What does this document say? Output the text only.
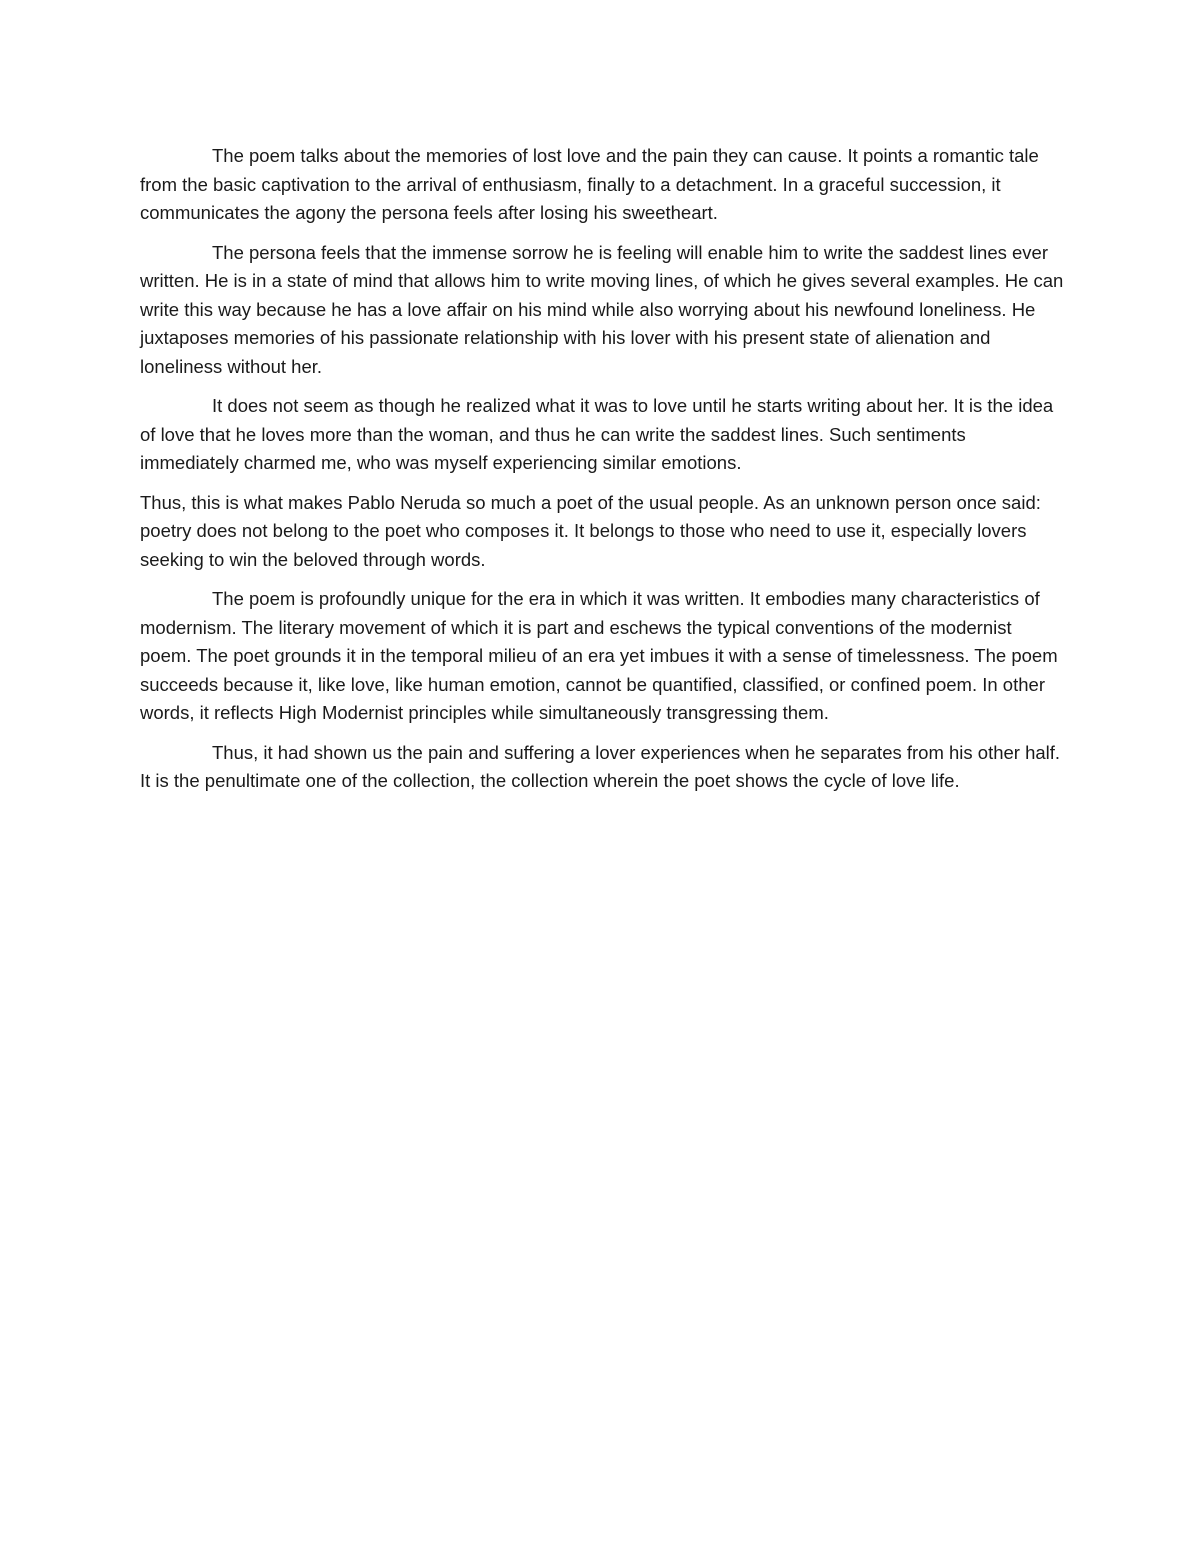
The poem talks about the memories of lost love and the pain they can cause. It points a romantic tale from the basic captivation to the arrival of enthusiasm, finally to a detachment. In a graceful succession, it communicates the agony the persona feels after losing his sweetheart.

The persona feels that the immense sorrow he is feeling will enable him to write the saddest lines ever written. He is in a state of mind that allows him to write moving lines, of which he gives several examples. He can write this way because he has a love affair on his mind while also worrying about his newfound loneliness. He juxtaposes memories of his passionate relationship with his lover with his present state of alienation and loneliness without her.

It does not seem as though he realized what it was to love until he starts writing about her. It is the idea of love that he loves more than the woman, and thus he can write the saddest lines. Such sentiments immediately charmed me, who was myself experiencing similar emotions.

Thus, this is what makes Pablo Neruda so much a poet of the usual people. As an unknown person once said: poetry does not belong to the poet who composes it. It belongs to those who need to use it, especially lovers seeking to win the beloved through words.

The poem is profoundly unique for the era in which it was written. It embodies many characteristics of modernism. The literary movement of which it is part and eschews the typical conventions of the modernist poem. The poet grounds it in the temporal milieu of an era yet imbues it with a sense of timelessness. The poem succeeds because it, like love, like human emotion, cannot be quantified, classified, or confined poem. In other words, it reflects High Modernist principles while simultaneously transgressing them.

Thus, it had shown us the pain and suffering a lover experiences when he separates from his other half. It is the penultimate one of the collection, the collection wherein the poet shows the cycle of love life.
